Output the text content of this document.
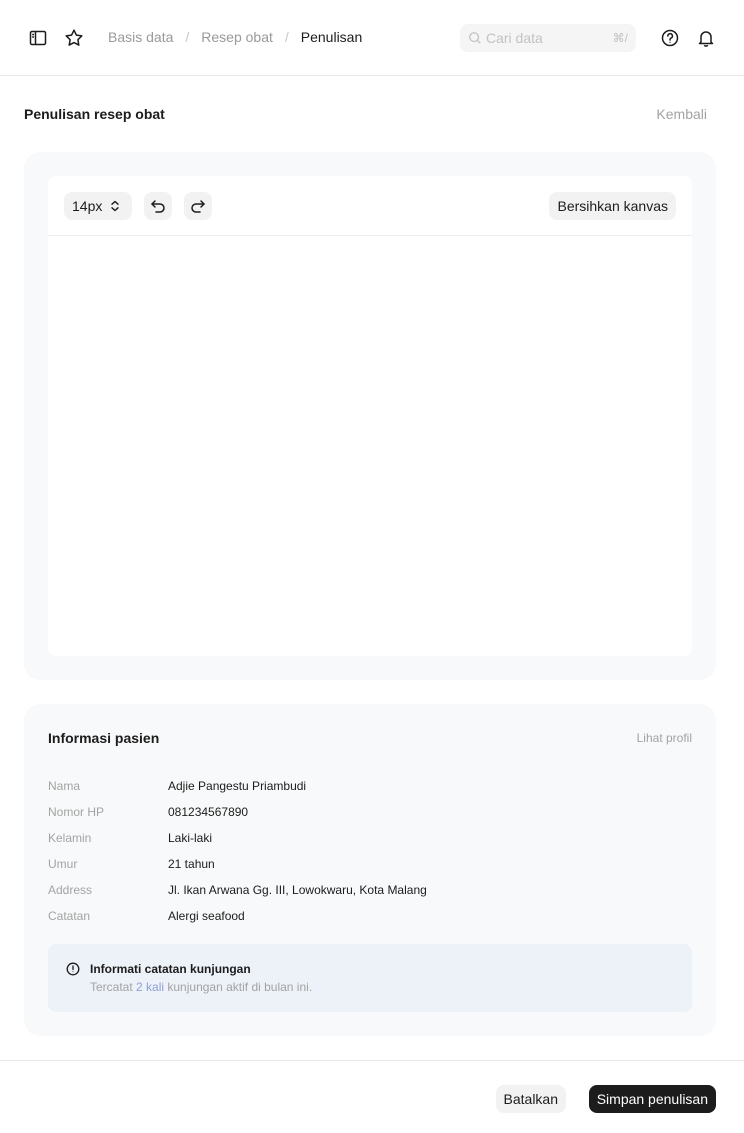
Basis data / Resep obat / Penulisan
Cari data	⌘/
Penulisan resep obat	Kembali
14px	Bersihkan kanvas
Informasi pasien	Lihat profil
Nama	Adjie Pangestu Priambudi
Nomor HP	081234567890
Kelamin	Laki-laki
Umur	21 tahun
Address	Jl. Ikan Arwana Gg. III, Lowokwaru, Kota Malang
Catatan	Alergi seafood
Informati catatan kunjungan
Tercatat 2 kali kunjungan aktif di bulan ini.
Batalkan	Simpan penulisan
